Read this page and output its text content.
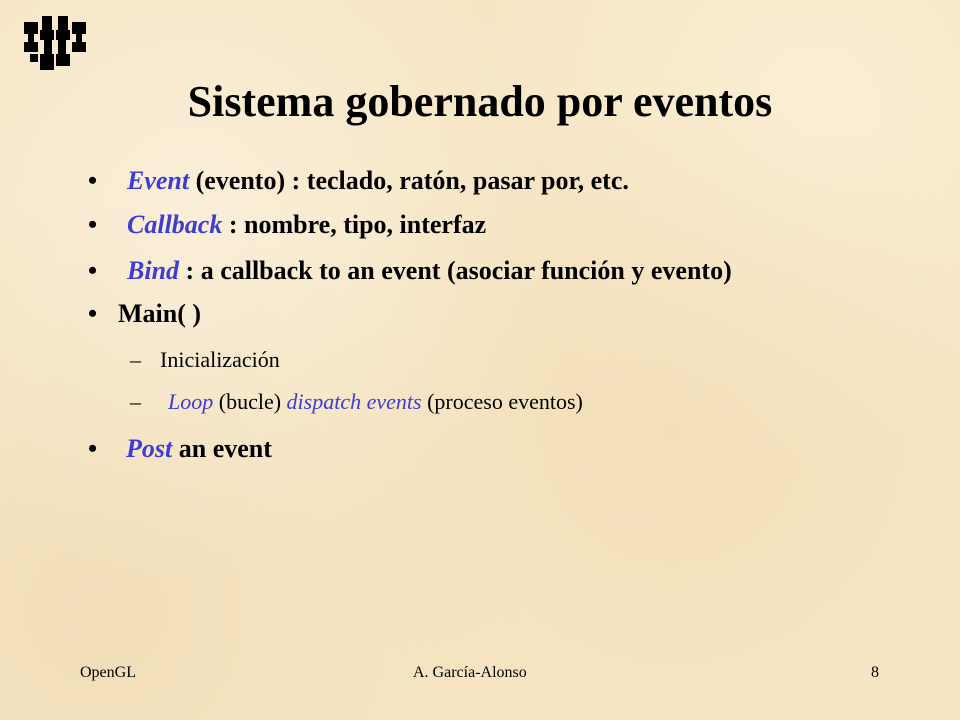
Sistema gobernado por eventos
• Event (evento) : teclado, ratón, pasar por, etc.
• Callback : nombre, tipo, interfaz
• Bind : a callback to an event (asociar función y evento)
• Main( )
– Inicialización
– Loop (bucle) dispatch events (proceso eventos)
• Post an event
OpenGL	A. García-Alonso	8
